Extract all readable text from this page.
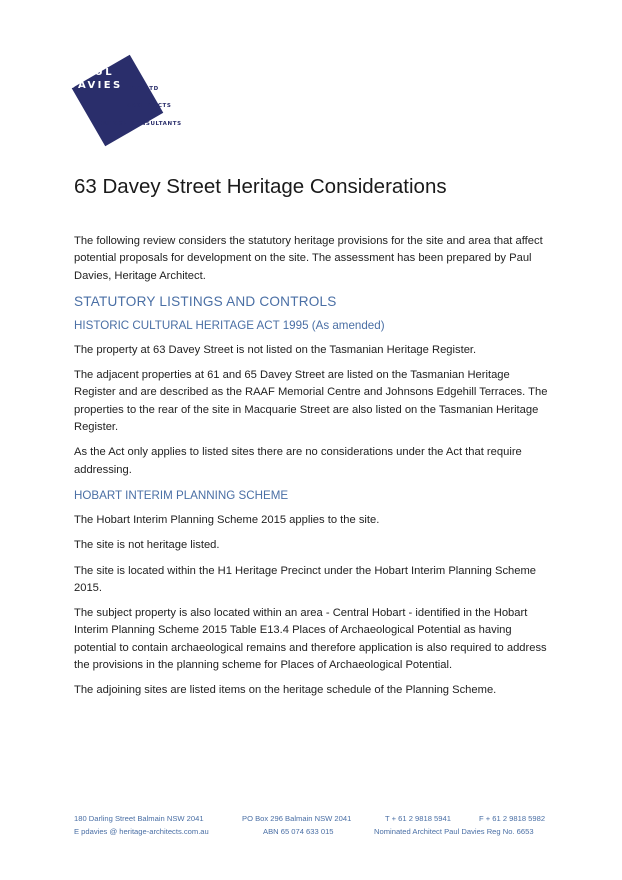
PAUL
DAVIES	PTY LTD
ARCHITECTS
HERITAGE CONSULTANTS
63 Davey Street Heritage Considerations

The following review considers the statutory heritage provisions for the site and area that affect potential proposals for development on the site. The assessment has been prepared by Paul Davies, Heritage Architect.

STATUTORY LISTINGS AND CONTROLS
HISTORIC CULTURAL HERITAGE ACT 1995 (As amended)

The property at 63 Davey Street is not listed on the Tasmanian Heritage Register.

The adjacent properties at 61 and 65 Davey Street are listed on the Tasmanian Heritage Register and are described as the RAAF Memorial Centre and Johnsons Edgehill Terraces. The properties to the rear of the site in Macquarie Street are also listed on the Tasmanian Heritage Register.

As the Act only applies to listed sites there are no considerations under the Act that require addressing.

HOBART INTERIM PLANNING SCHEME

The Hobart Interim Planning Scheme 2015 applies to the site.

The site is not heritage listed.

The site is located within the H1 Heritage Precinct under the Hobart Interim Planning Scheme 2015.

The subject property is also located within an area - Central Hobart - identified in the Hobart Interim Planning Scheme 2015 Table E13.4 Places of Archaeological Potential as having potential to contain archaeological remains and therefore application is also required to address the provisions in the planning scheme for Places of Archaeological Potential.

The adjoining sites are listed items on the heritage schedule of the Planning Scheme.

180 Darling Street Balmain NSW 2041	PO Box 296 Balmain NSW 2041	T + 61 2 9818 5941	F + 61 2 9818 5982
E pdavies @ heritage-architects.com.au	ABN 65 074 633 015	Nominated Architect Paul Davies Reg No. 6653
